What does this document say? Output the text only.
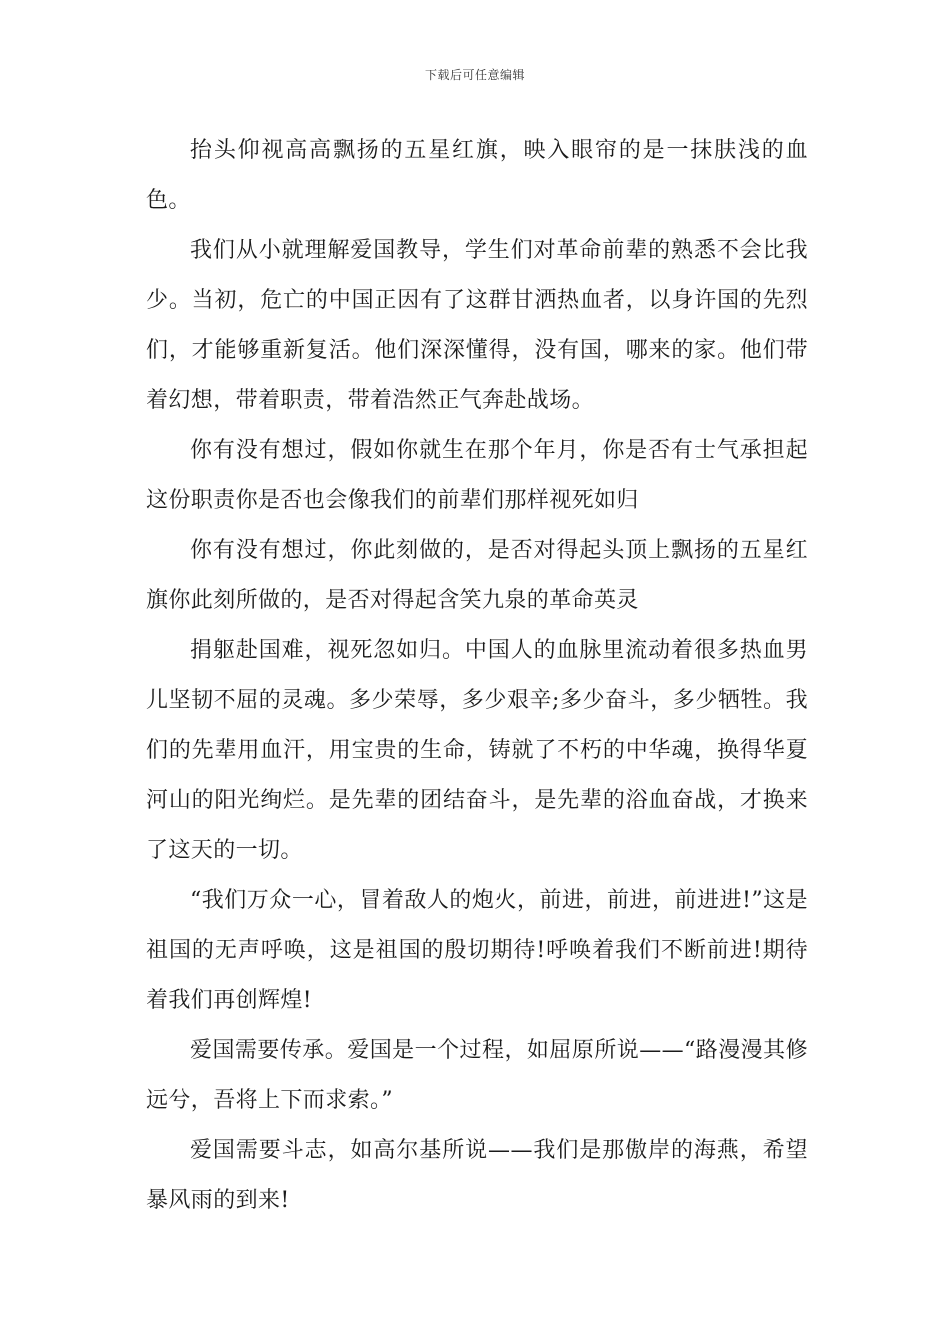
下载后可任意编辑

抬头仰视高高飘扬的五星红旗，映入眼帘的是一抹肤浅的血色。

我们从小就理解爱国教导，学生们对革命前辈的熟悉不会比我少。当初，危亡的中国正因有了这群甘洒热血者，以身许国的先烈们，才能够重新复活。他们深深懂得，没有国，哪来的家。他们带着幻想，带着职责，带着浩然正气奔赴战场。

你有没有想过，假如你就生在那个年月，你是否有士气承担起这份职责你是否也会像我们的前辈们那样视死如归

你有没有想过，你此刻做的，是否对得起头顶上飘扬的五星红旗你此刻所做的，是否对得起含笑九泉的革命英灵

捐躯赴国难，视死忽如归。中国人的血脉里流动着很多热血男儿坚韧不屈的灵魂。多少荣辱，多少艰辛;多少奋斗，多少牺牲。我们的先辈用血汗，用宝贵的生命，铸就了不朽的中华魂，换得华夏河山的阳光绚烂。是先辈的团结奋斗，是先辈的浴血奋战，才换来了这天的一切。

“我们万众一心，冒着敌人的炮火，前进，前进，前进进!”这是祖国的无声呼唤，这是祖国的殷切期待!呼唤着我们不断前进!期待着我们再创辉煌!

爱国需要传承。爱国是一个过程，如屈原所说——“路漫漫其修远兮，吾将上下而求索。”

爱国需要斗志，如高尔基所说——我们是那傲岸的海燕，希望暴风雨的到来!
